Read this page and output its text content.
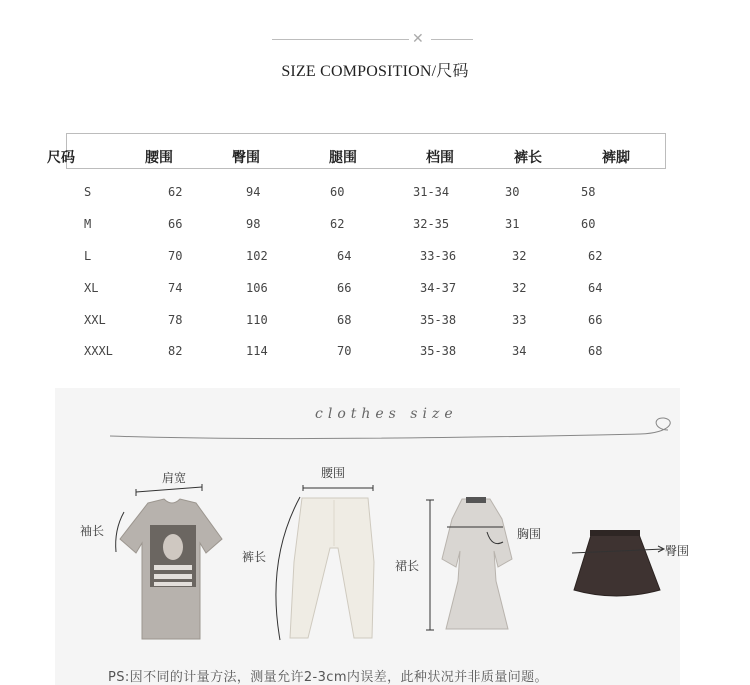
✕
SIZE COMPOSITION/尺码
尺码	腰围	臀围	腿围	档围	裤长	裤脚
S	62	94	60	31-34	30	58
M	66	98	62	32-35	31	60
L	70	102	64	33-36	32	62
XL	74	106	66	34-37	32	64
XXL	78	110	68	35-38	33	66
XXXL	82	114	70	35-38	34	68
clothes size
肩宽
袖长
腰围
裤长
裙长
胸围
臀围
PS:因不同的计量方法，测量允许2-3cm内误差，此种状况并非质量问题。
